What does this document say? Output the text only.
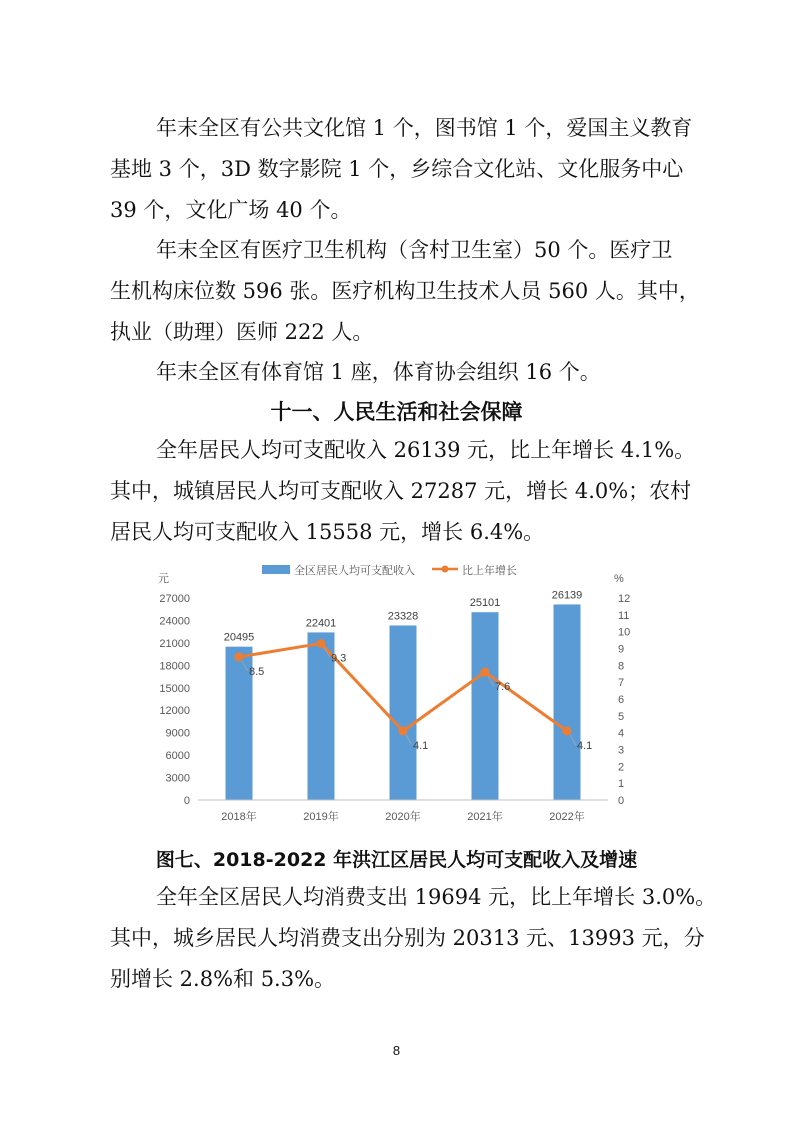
年末全区有公共文化馆 1 个，图书馆 1 个，爱国主义教育
基地 3 个，3D 数字影院 1 个，乡综合文化站、文化服务中心
39 个，文化广场 40 个。
年末全区有医疗卫生机构（含村卫生室）50 个。医疗卫
生机构床位数 596 张。医疗机构卫生技术人员 560 人。其中，
执业（助理）医师 222 人。
年末全区有体育馆 1 座，体育协会组织 16 个。
十一、人民生活和社会保障
全年居民人均可支配收入 26139 元，比上年增长 4.1%。
其中，城镇居民人均可支配收入 27287 元，增长 4.0%；农村
居民人均可支配收入 15558 元，增长 6.4%。
全区居民人均可支配收入	比上年增长
元	%
0
3000
6000
9000
12000
15000
18000
21000
24000
27000
0
1
2
3
4
5
6
7
8
9
10
11
12
20495
22401
23328
25101
26139
2018年	2019年	2020年	2021年	2022年
8.5
9.3
4.1
7.6
4.1
图七、2018-2022 年洪江区居民人均可支配收入及增速
全年全区居民人均消费支出 19694 元，比上年增长 3.0%。
其中，城乡居民人均消费支出分别为 20313 元、13993 元，分
别增长 2.8%和 5.3%。
8
